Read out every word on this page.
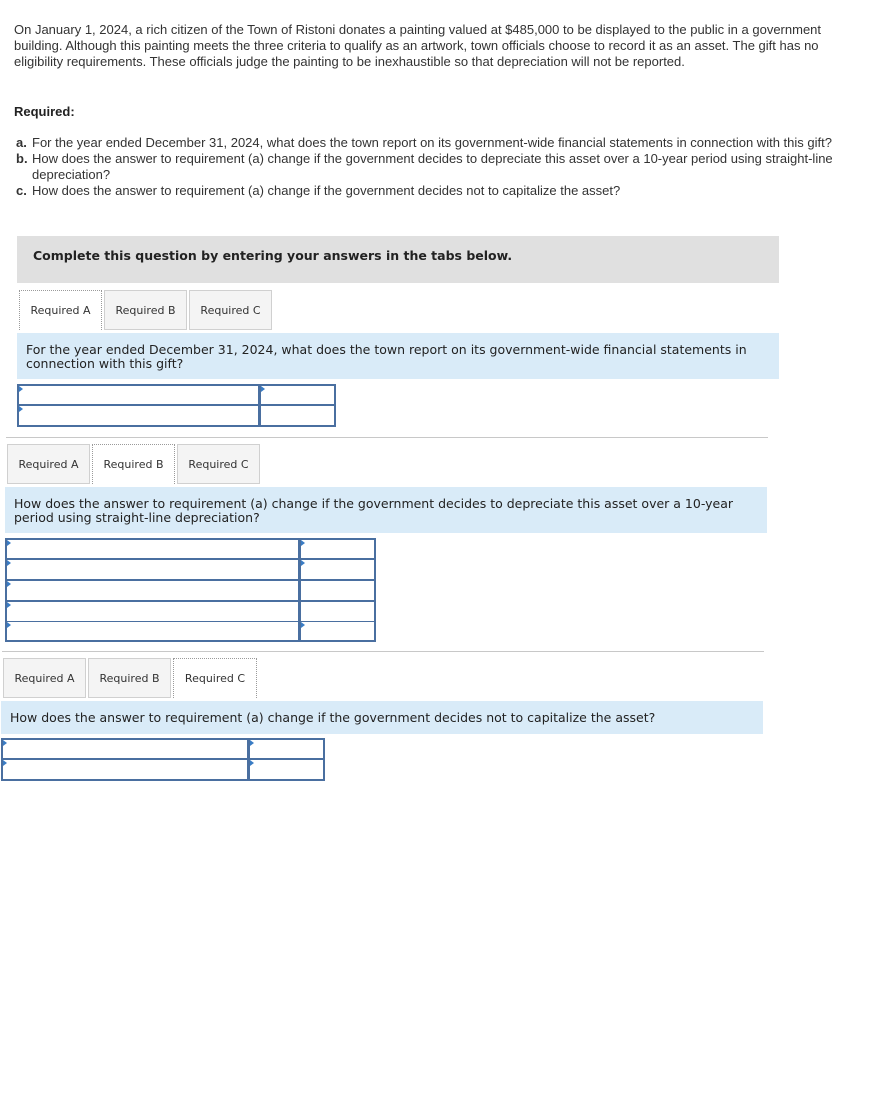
On January 1, 2024, a rich citizen of the Town of Ristoni donates a painting valued at $485,000 to be displayed to the public in a government building. Although this painting meets the three criteria to qualify as an artwork, town officials choose to record it as an asset. The gift has no eligibility requirements. These officials judge the painting to be inexhaustible so that depreciation will not be reported.
Required:

a. For the year ended December 31, 2024, what does the town report on its government-wide financial statements in connection with this gift?

b. How does the answer to requirement (a) change if the government decides to depreciate this asset over a 10-year period using straight-line depreciation?

c. How does the answer to requirement (a) change if the government decides not to capitalize the asset?

Complete this question by entering your answers in the tabs below.
Required A	Required B	Required C
For the year ended December 31, 2024, what does the town report on its government-wide financial statements in connection with this gift?
Required A	Required B	Required C
How does the answer to requirement (a) change if the government decides to depreciate this asset over a 10-year period using straight-line depreciation?
Required A	Required B	Required C
How does the answer to requirement (a) change if the government decides not to capitalize the asset?
